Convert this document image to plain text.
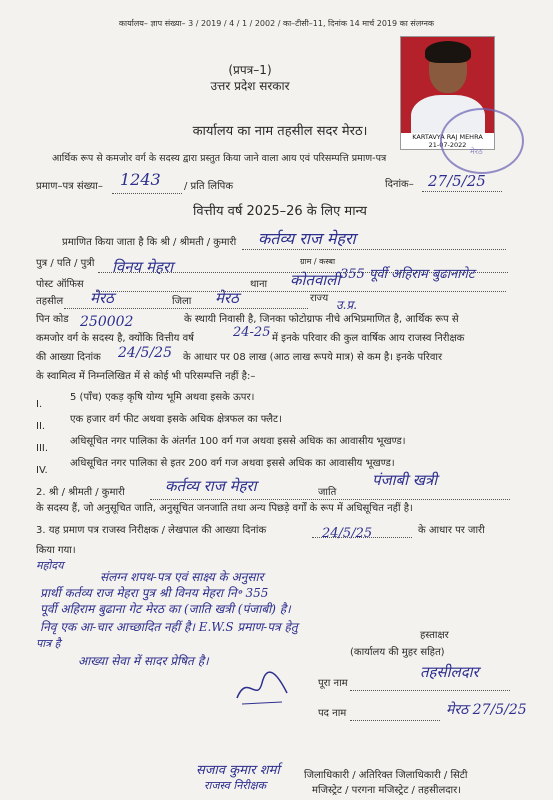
कार्यालय– ज्ञाप संख्या– 3 / 2019 / 4 / 1 / 2002 / का–टीसी–11, दिनांक 14 मार्च 2019 का संलग्नक
(प्रपत्र–1)
उत्तर प्रदेश सरकार
KARTAVYA RAJ MEHRA
21-07-2022
मेरठ
कार्यालय का नाम तहसील सदर मेरठ।
आर्थिक रूप से कमजोर वर्ग के सदस्य द्वारा प्रस्तुत किया जाने वाला आय एवं परिसम्पत्ति प्रमाण-पत्र
प्रमाण–पत्र संख्या– 1243 / प्रति लिपिक	दिनांक– 27/5/25
वित्तीय वर्ष 2025–26 के लिए मान्य
प्रमाणित किया जाता है कि श्री / श्रीमती / कुमारी कर्तव्य राज मेहरा
पुत्र / पति / पुत्री	ग्राम / कस्बा
विनय मेहरा	355 पूर्वी अहिराम बुढानागेट
पोस्ट ऑफिस	थाना कोतवाली
तहसील मेरठ	जिला मेरठ	राज्य उ.प्र.
पिन कोड 250002	के स्थायी निवासी है, जिनका फोटोग्राफ नीचे अभिप्रमाणित है, आर्थिक रूप से
कमजोर वर्ग के सदस्य है, क्योंकि वित्तीय वर्ष	24-25 में इनके परिवार की कुल वार्षिक आय राजस्व निरीक्षक
की आख्या दिनांक 24/5/25 के आधार पर 08 लाख (आठ लाख रूपये मात्र) से कम है। इनके परिवार
के स्वामित्व में निम्नलिखित में से कोई भी परिसम्पत्ति नहीं है:–
I.
5 (पाँच) एकड़ कृषि योग्य भूमि अथवा इसके ऊपर।
II.
एक हजार वर्ग फीट अथवा इसके अधिक क्षेत्रफल का फ्लैट।
III.
अधिसूचित नगर पालिका के अंतर्गत 100 वर्ग गज अथवा इससे अधिक का आवासीय भूखण्ड।
IV.
अधिसूचित नगर पालिका से इतर 200 वर्ग गज अथवा इससे अधिक का आवासीय भूखण्ड।
2. श्री / श्रीमती / कुमारी	कर्तव्य राज मेहरा	जाति
पंजाबी खत्री
के सदस्य हैं, जो अनुसूचित जाति, अनुसूचित जनजाति तथा अन्य पिछड़े वर्गों के रूप में अधिसूचित नहीं है।
3. यह प्रमाण पत्र राजस्व निरीक्षक / लेखपाल की आख्या दिनांक	24/5/25	के आधार पर जारी
किया गया।
महोदय
संलग्न शपथ-पत्र एवं साक्ष्य के अनुसार
प्रार्थी कर्तव्य राज मेहरा पुत्र श्री विनय मेहरा नि॰ 355
पूर्वी अहिराम बुढाना गेट मेरठ का (जाति खत्री (पंजाबी) है।
निवृ एक आ-चार आच्छादित नहीं है। E.W.S प्रमाण-पत्र हेतु
पात्र है
आख्या सेवा में सादर प्रेषित है।
हस्ताक्षर
(कार्यालय की मुहर सहित)
पूरा नाम
तहसीलदार
पद नाम	मेरठ 27/5/25
सजाव कुमार शर्मा
राजस्व निरीक्षक
जिलाधिकारी / अतिरिक्त जिलाधिकारी / सिटी
मजिस्ट्रेट / परगना मजिस्ट्रेट / तहसीलदार।
